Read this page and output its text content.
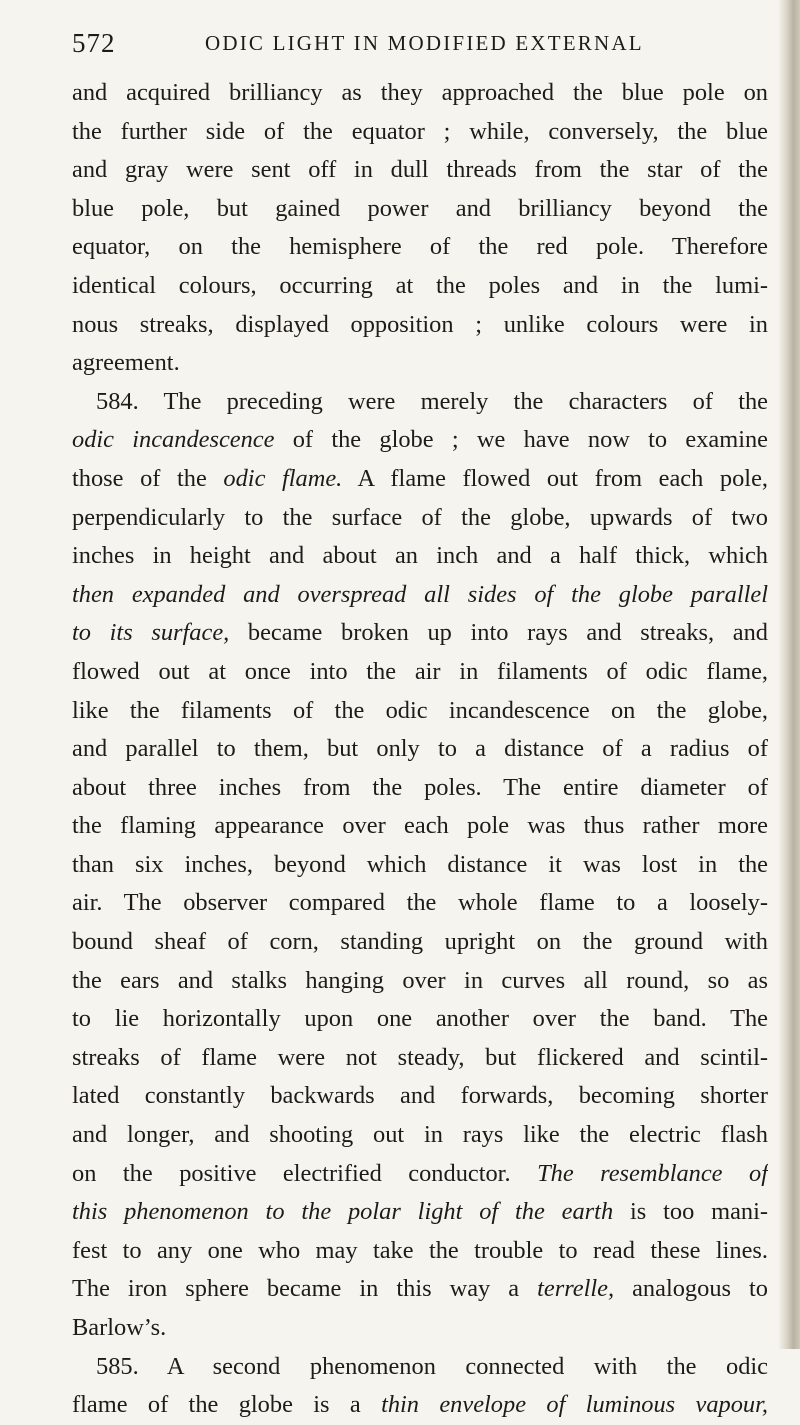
572	ODIC LIGHT IN MODIFIED EXTERNAL
and acquired brilliancy as they approached the blue pole on
the further side of the equator ; while, conversely, the blue
and gray were sent off in dull threads from the star of the
blue pole, but gained power and brilliancy beyond the
equator, on the hemisphere of the red pole. Therefore
identical colours, occurring at the poles and in the lumi-
nous streaks, displayed opposition ; unlike colours were in
agreement.
584. The preceding were merely the characters of the
odic incandescence of the globe ; we have now to examine
those of the odic flame. A flame flowed out from each pole,
perpendicularly to the surface of the globe, upwards of two
inches in height and about an inch and a half thick, which
then expanded and overspread all sides of the globe parallel
to its surface, became broken up into rays and streaks, and
flowed out at once into the air in filaments of odic flame,
like the filaments of the odic incandescence on the globe,
and parallel to them, but only to a distance of a radius of
about three inches from the poles. The entire diameter of
the flaming appearance over each pole was thus rather more
than six inches, beyond which distance it was lost in the
air. The observer compared the whole flame to a loosely-
bound sheaf of corn, standing upright on the ground with
the ears and stalks hanging over in curves all round, so as
to lie horizontally upon one another over the band. The
streaks of flame were not steady, but flickered and scintil-
lated constantly backwards and forwards, becoming shorter
and longer, and shooting out in rays like the electric flash
on the positive electrified conductor. The resemblance of
this phenomenon to the polar light of the earth is too mani-
fest to any one who may take the trouble to read these lines.
The iron sphere became in this way a terrelle, analogous to
Barlow’s.
585. A second phenomenon connected with the odic
flame of the globe is a thin envelope of luminous vapour,
